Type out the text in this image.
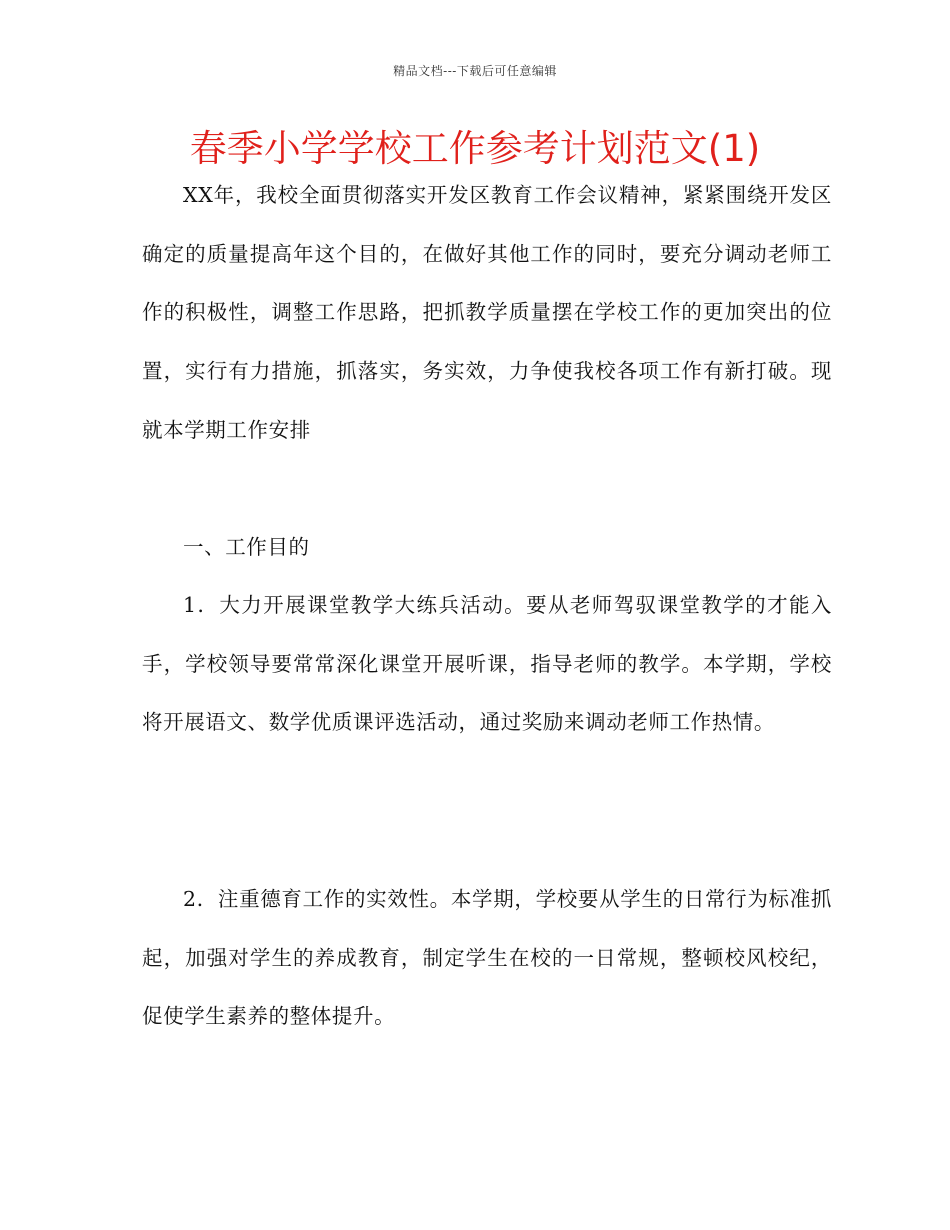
精品文档---下载后可任意编辑
春季小学学校工作参考计划范文(1)

XX年，我校全面贯彻落实开发区教育工作会议精神，紧紧围绕开发区确定的质量提高年这个目的，在做好其他工作的同时，要充分调动老师工作的积极性，调整工作思路，把抓教学质量摆在学校工作的更加突出的位置，实行有力措施，抓落实，务实效，力争使我校各项工作有新打破。现就本学期工作安排

一、工作目的

1．大力开展课堂教学大练兵活动。要从老师驾驭课堂教学的才能入手，学校领导要常常深化课堂开展听课，指导老师的教学。本学期，学校将开展语文、数学优质课评选活动，通过奖励来调动老师工作热情。

2．注重德育工作的实效性。本学期，学校要从学生的日常行为标准抓起，加强对学生的养成教育，制定学生在校的一日常规，整顿校风校纪，促使学生素养的整体提升。
